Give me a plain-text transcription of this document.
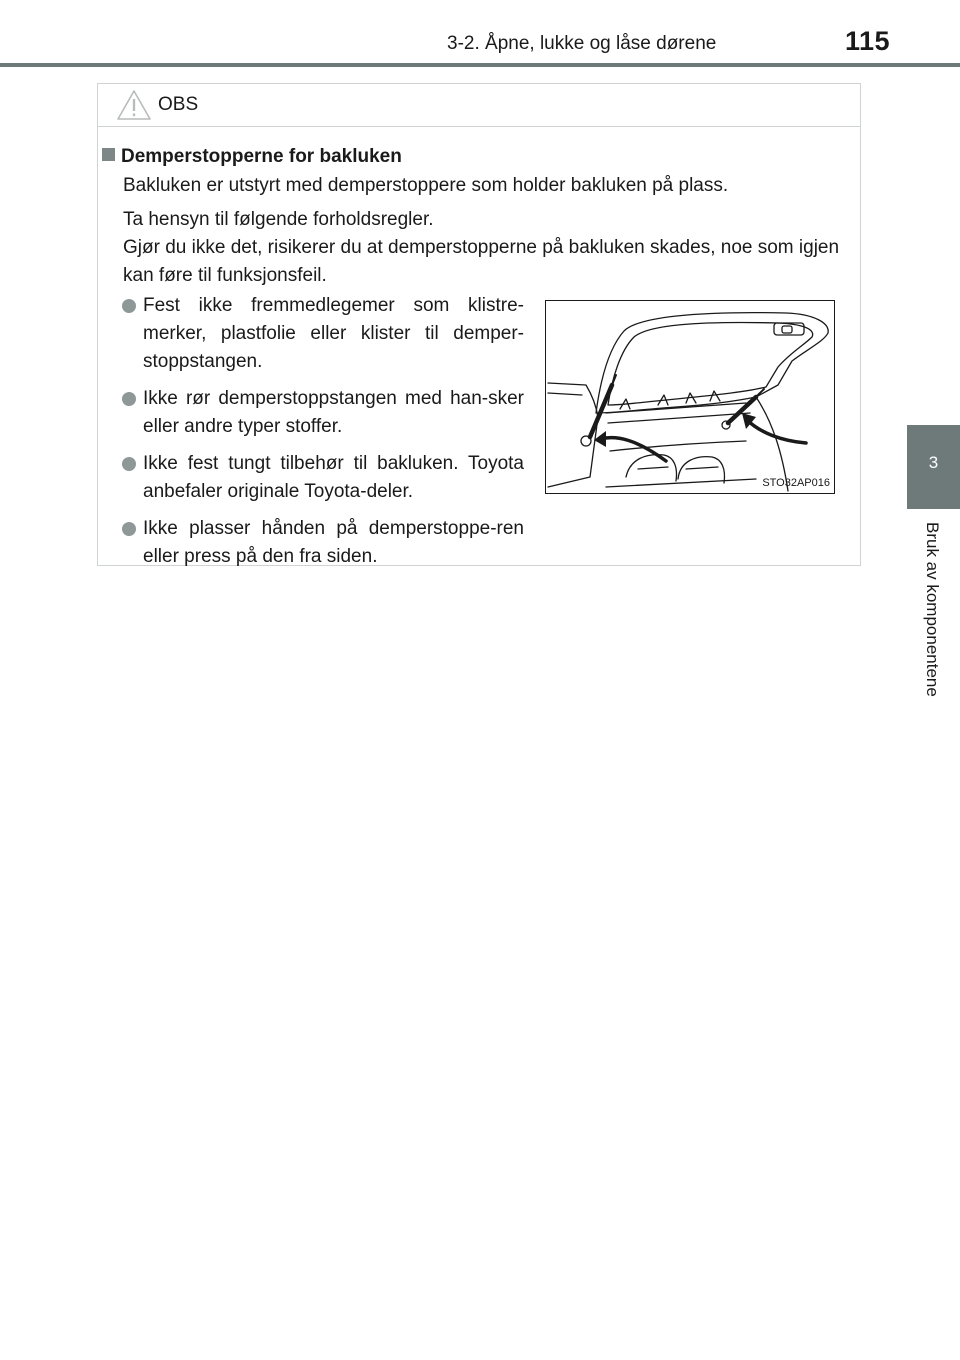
3-2. Åpne, lukke og låse dørene	115
3
Bruk av komponentene
OBS
Demperstopperne for bakluken
Bakluken er utstyrt med demperstoppere som holder bakluken på plass.
Ta hensyn til følgende forholdsregler.
Gjør du ikke det, risikerer du at demperstopperne på bakluken skades, noe som igjen kan føre til funksjonsfeil.
Fest ikke fremmedlegemer som klistre-merker, plastfolie eller klister til demper-stoppstangen.
Ikke rør demperstoppstangen med han-sker eller andre typer stoffer.
Ikke fest tungt tilbehør til bakluken. Toyota anbefaler originale Toyota-deler.
Ikke plasser hånden på demperstoppe-ren eller press på den fra siden.
STO32AP016
